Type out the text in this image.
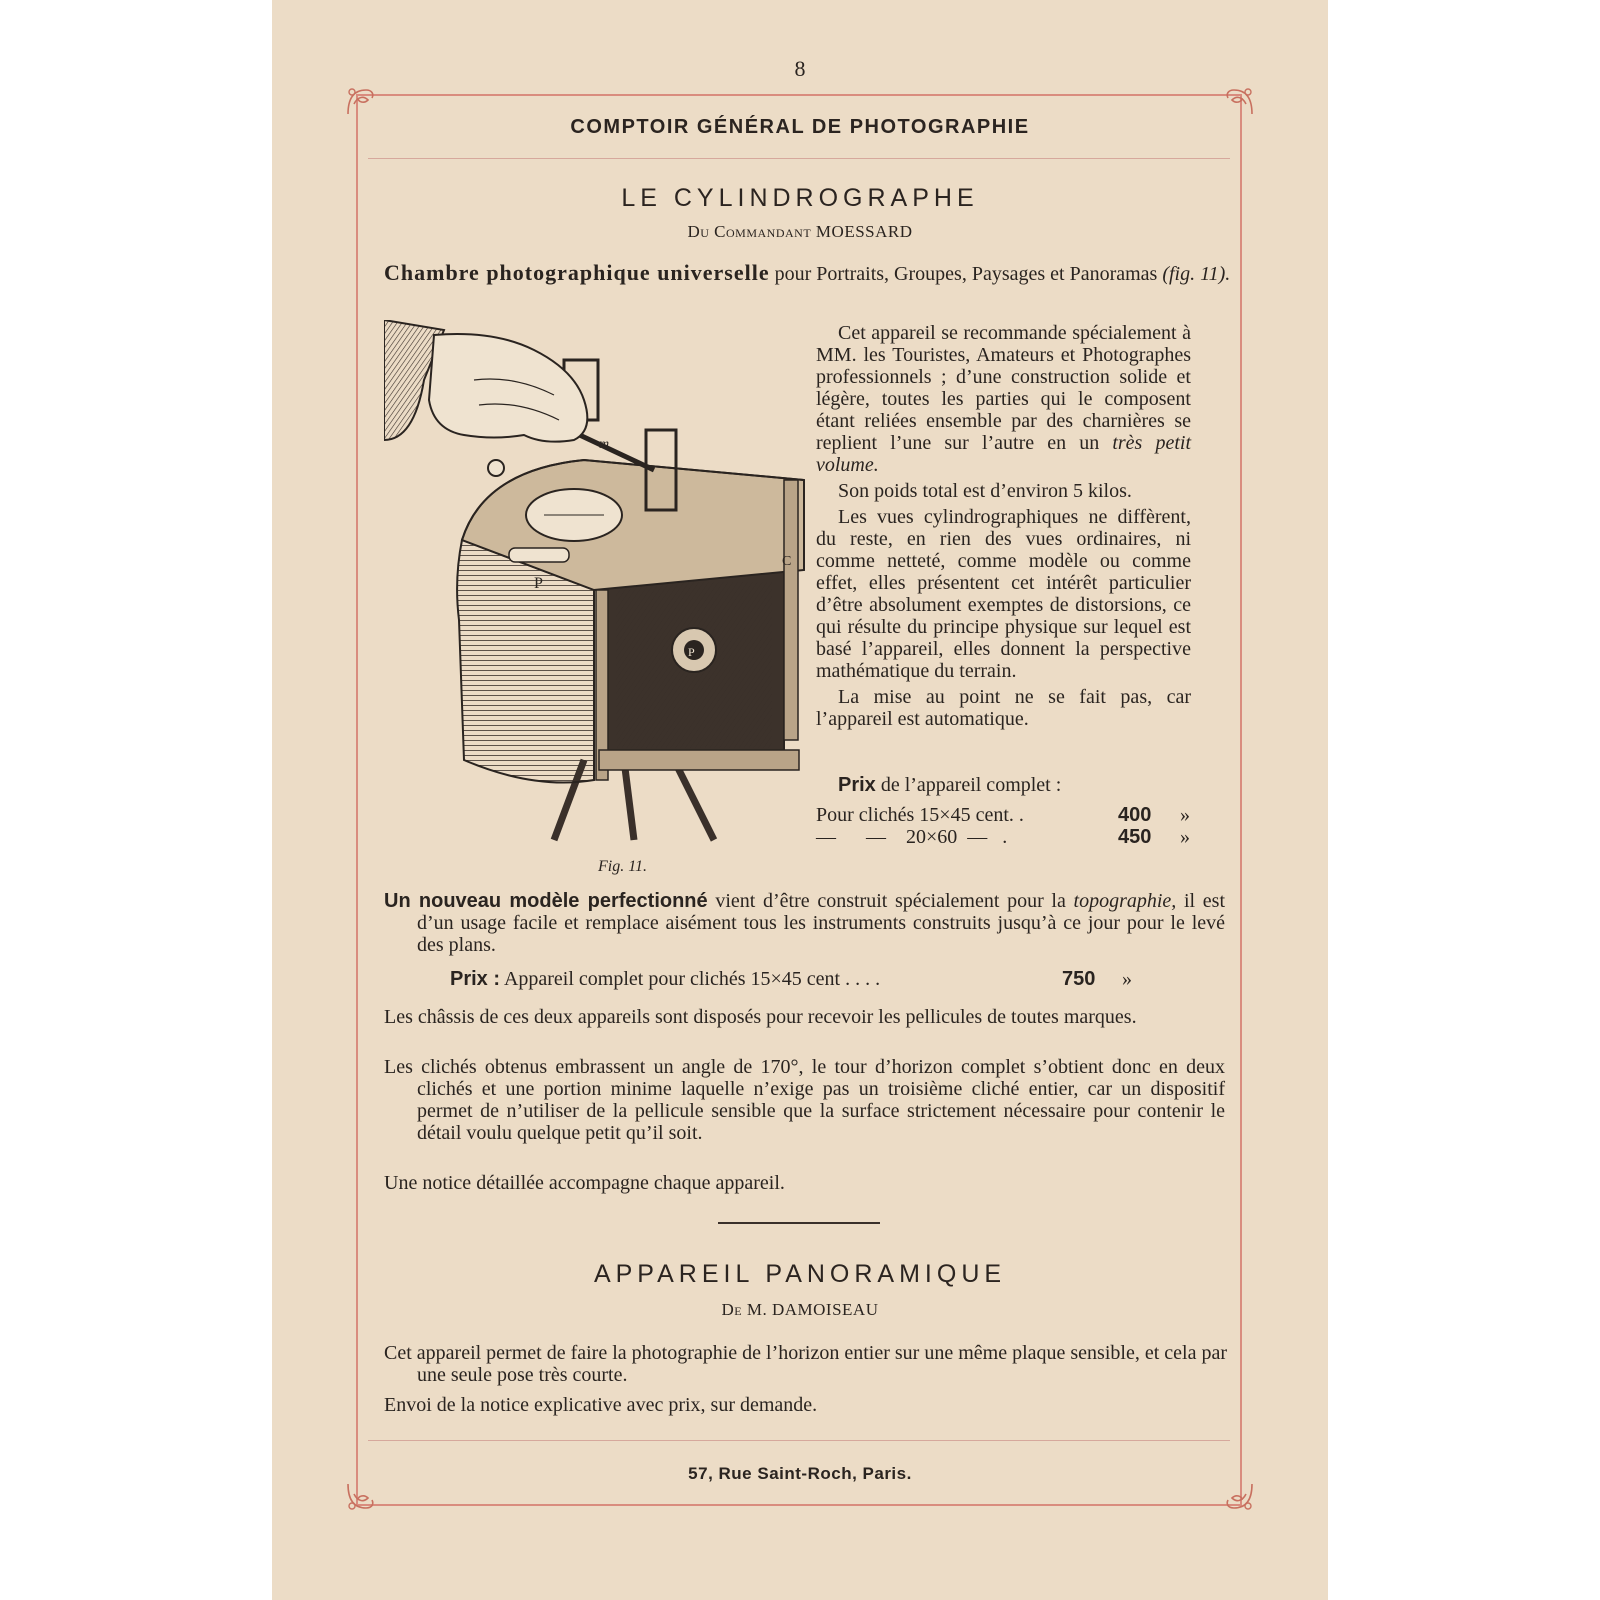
8
COMPTOIR GÉNÉRAL DE PHOTOGRAPHIE
LE CYLINDROGRAPHE
Du Commandant MOESSARD
Chambre photographique universelle pour Portraits, Groupes, Paysages et Panoramas (fig. 11).
m
P
C
P
Fig. 11.
Cet appareil se recommande spécialement à MM. les Touristes, Amateurs et Photographes professionnels ; d’une construction solide et légère, toutes les parties qui le composent étant reliées ensemble par des charnières se replient l’une sur l’autre en un très petit volume.
Son poids total est d’environ 5 kilos.
Les vues cylindrographiques ne diffèrent, du reste, en rien des vues ordinaires, ni comme netteté, comme modèle ou comme effet, elles présentent cet intérêt particulier d’être absolument exemptes de distorsions, ce qui résulte du principe physique sur lequel est basé l’appareil, elles donnent la perspective mathématique du terrain.
La mise au point ne se fait pas, car l’appareil est automatique.
Prix de l’appareil complet :
Pour clichés 15×45 cent. .	400 »
—      —    20×60  —   .	450 »
Un nouveau modèle perfectionné vient d’être construit spécialement pour la topographie, il est d’un usage facile et remplace aisément tous les instruments construits jusqu’à ce jour pour le levé des plans.
Prix : Appareil complet pour clichés 15×45 cent . . . .	750 »
Les châssis de ces deux appareils sont disposés pour recevoir les pellicules de toutes marques.
Les clichés obtenus embrassent un angle de 170°, le tour d’horizon complet s’obtient donc en deux clichés et une portion minime laquelle n’exige pas un troisième cliché entier, car un dispositif permet de n’utiliser de la pellicule sensible que la surface strictement nécessaire pour contenir le détail voulu quelque petit qu’il soit.
Une notice détaillée accompagne chaque appareil.
APPAREIL PANORAMIQUE
De M. DAMOISEAU
Cet appareil permet de faire la photographie de l’horizon entier sur une même plaque sensible, et cela par une seule pose très courte.
Envoi de la notice explicative avec prix, sur demande.
57, Rue Saint-Roch, Paris.
